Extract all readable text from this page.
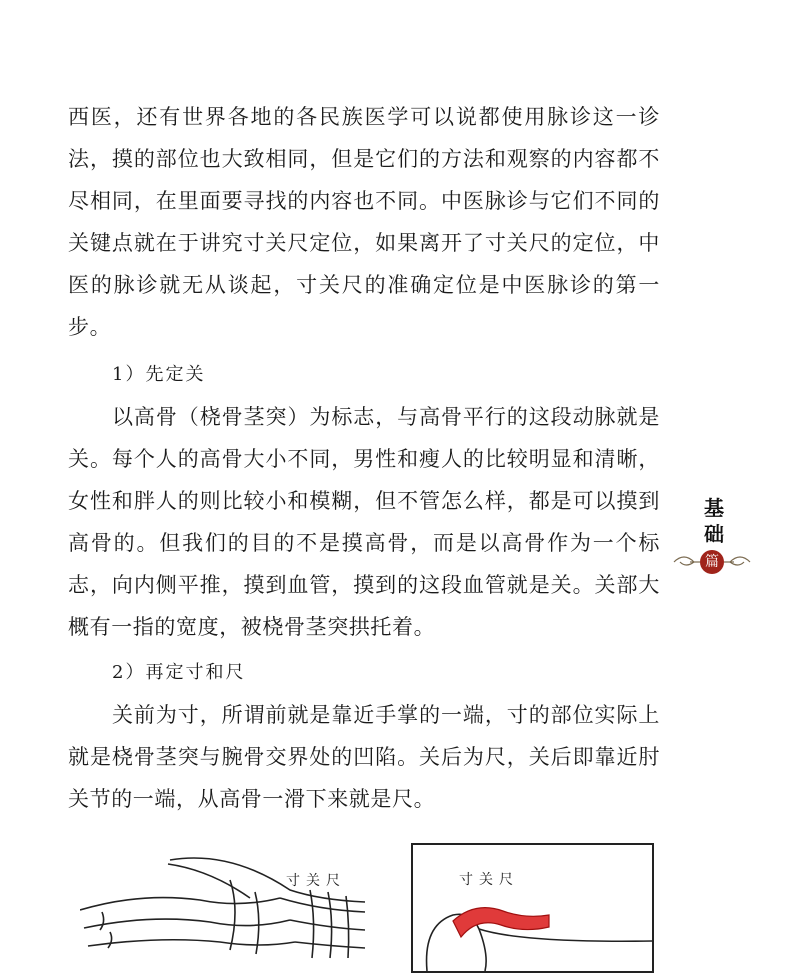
西医，还有世界各地的各民族医学可以说都使用脉诊这一诊法，摸的部位也大致相同，但是它们的方法和观察的内容都不尽相同，在里面要寻找的内容也不同。中医脉诊与它们不同的关键点就在于讲究寸关尺定位，如果离开了寸关尺的定位，中医的脉诊就无从谈起，寸关尺的准确定位是中医脉诊的第一步。

1）先定关

以高骨（桡骨茎突）为标志，与高骨平行的这段动脉就是关。每个人的高骨大小不同，男性和瘦人的比较明显和清晰，女性和胖人的则比较小和模糊，但不管怎么样，都是可以摸到高骨的。但我们的目的不是摸高骨，而是以高骨作为一个标志，向内侧平推，摸到血管，摸到的这段血管就是关。关部大概有一指的宽度，被桡骨茎突拱托着。

2）再定寸和尺

关前为寸，所谓前就是靠近手掌的一端，寸的部位实际上就是桡骨茎突与腕骨交界处的凹陷。关后为尺，关后即靠近肘关节的一端，从高骨一滑下来就是尺。

基
础
篇
寸关尺	寸关尺
